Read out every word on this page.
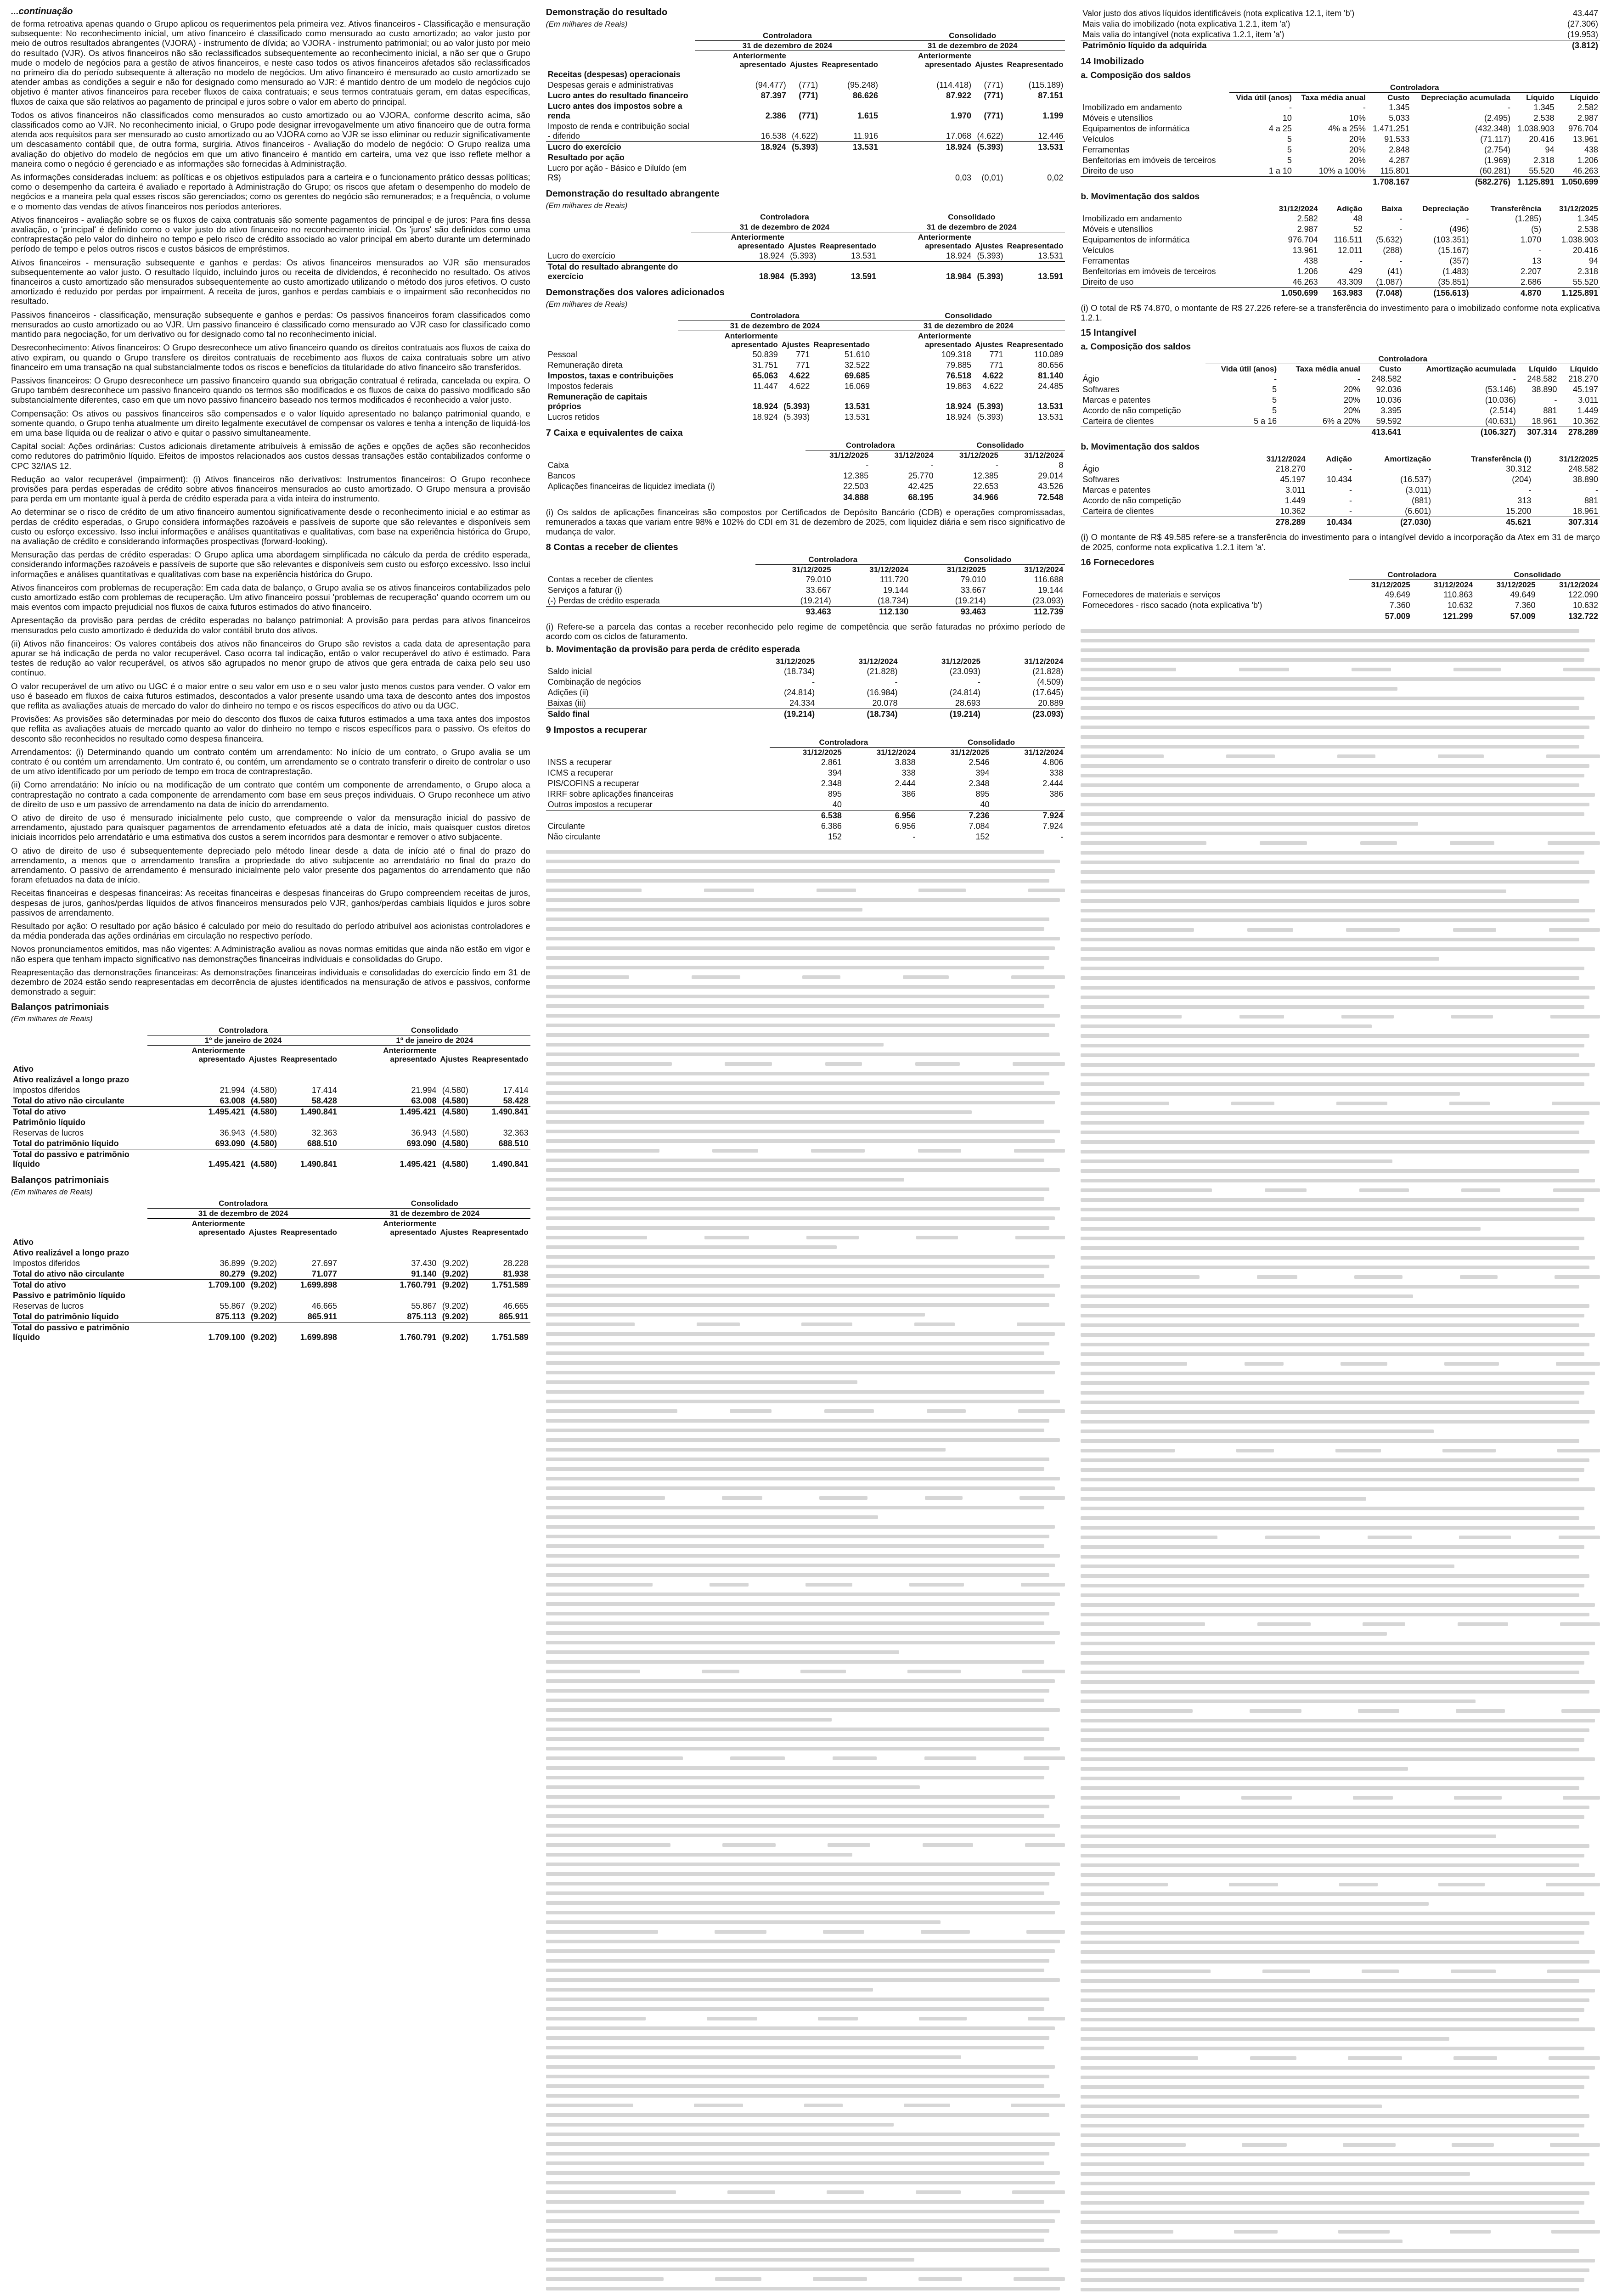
...continuação

de forma retroativa apenas quando o Grupo aplicou os requerimentos pela primeira vez. Ativos financeiros - Classificação e mensuração subsequente: No reconhecimento inicial, um ativo financeiro é classificado como mensurado ao custo amortizado; ao valor justo por meio de outros resultados abrangentes (VJORA) - instrumento de dívida; ao VJORA - instrumento patrimonial; ou ao valor justo por meio do resultado (VJR). Os ativos financeiros não são reclassificados subsequentemente ao reconhecimento inicial, a não ser que o Grupo mude o modelo de negócios para a gestão de ativos financeiros, e neste caso todos os ativos financeiros afetados são reclassificados no primeiro dia do período subsequente à alteração no modelo de negócios. Um ativo financeiro é mensurado ao custo amortizado se atender ambas as condições a seguir e não for designado como mensurado ao VJR: é mantido dentro de um modelo de negócios cujo objetivo é manter ativos financeiros para receber fluxos de caixa contratuais; e seus termos contratuais geram, em datas específicas, fluxos de caixa que são relativos ao pagamento de principal e juros sobre o valor em aberto do principal.

Todos os ativos financeiros não classificados como mensurados ao custo amortizado ou ao VJORA, conforme descrito acima, são classificados como ao VJR. No reconhecimento inicial, o Grupo pode designar irrevogavelmente um ativo financeiro que de outra forma atenda aos requisitos para ser mensurado ao custo amortizado ou ao VJORA como ao VJR se isso eliminar ou reduzir significativamente um descasamento contábil que, de outra forma, surgiria. Ativos financeiros - Avaliação do modelo de negócio: O Grupo realiza uma avaliação do objetivo do modelo de negócios em que um ativo financeiro é mantido em carteira, uma vez que isso reflete melhor a maneira como o negócio é gerenciado e as informações são fornecidas à Administração.

As informações consideradas incluem: as políticas e os objetivos estipulados para a carteira e o funcionamento prático dessas políticas; como o desempenho da carteira é avaliado e reportado à Administração do Grupo; os riscos que afetam o desempenho do modelo de negócios e a maneira pela qual esses riscos são gerenciados; como os gerentes do negócio são remunerados; e a frequência, o volume e o momento das vendas de ativos financeiros nos períodos anteriores.

Ativos financeiros - avaliação sobre se os fluxos de caixa contratuais são somente pagamentos de principal e de juros: Para fins dessa avaliação, o 'principal' é definido como o valor justo do ativo financeiro no reconhecimento inicial. Os 'juros' são definidos como uma contraprestação pelo valor do dinheiro no tempo e pelo risco de crédito associado ao valor principal em aberto durante um determinado período de tempo e pelos outros riscos e custos básicos de empréstimos.

Ativos financeiros - mensuração subsequente e ganhos e perdas: Os ativos financeiros mensurados ao VJR são mensurados subsequentemente ao valor justo. O resultado líquido, incluindo juros ou receita de dividendos, é reconhecido no resultado. Os ativos financeiros a custo amortizado são mensurados subsequentemente ao custo amortizado utilizando o método dos juros efetivos. O custo amortizado é reduzido por perdas por impairment. A receita de juros, ganhos e perdas cambiais e o impairment são reconhecidos no resultado.

Passivos financeiros - classificação, mensuração subsequente e ganhos e perdas: Os passivos financeiros foram classificados como mensurados ao custo amortizado ou ao VJR. Um passivo financeiro é classificado como mensurado ao VJR caso for classificado como mantido para negociação, for um derivativo ou for designado como tal no reconhecimento inicial.

Desreconhecimento: Ativos financeiros: O Grupo desreconhece um ativo financeiro quando os direitos contratuais aos fluxos de caixa do ativo expiram, ou quando o Grupo transfere os direitos contratuais de recebimento aos fluxos de caixa contratuais sobre um ativo financeiro em uma transação na qual substancialmente todos os riscos e benefícios da titularidade do ativo financeiro são transferidos.

Passivos financeiros: O Grupo desreconhece um passivo financeiro quando sua obrigação contratual é retirada, cancelada ou expira. O Grupo também desreconhece um passivo financeiro quando os termos são modificados e os fluxos de caixa do passivo modificado são substancialmente diferentes, caso em que um novo passivo financeiro baseado nos termos modificados é reconhecido a valor justo.

Compensação: Os ativos ou passivos financeiros são compensados e o valor líquido apresentado no balanço patrimonial quando, e somente quando, o Grupo tenha atualmente um direito legalmente executável de compensar os valores e tenha a intenção de liquidá-los em uma base líquida ou de realizar o ativo e quitar o passivo simultaneamente.

Capital social: Ações ordinárias: Custos adicionais diretamente atribuíveis à emissão de ações e opções de ações são reconhecidos como redutores do patrimônio líquido. Efeitos de impostos relacionados aos custos dessas transações estão contabilizados conforme o CPC 32/IAS 12.

Redução ao valor recuperável (impairment): (i) Ativos financeiros não derivativos: Instrumentos financeiros: O Grupo reconhece provisões para perdas esperadas de crédito sobre ativos financeiros mensurados ao custo amortizado. O Grupo mensura a provisão para perda em um montante igual à perda de crédito esperada para a vida inteira do instrumento.

Ao determinar se o risco de crédito de um ativo financeiro aumentou significativamente desde o reconhecimento inicial e ao estimar as perdas de crédito esperadas, o Grupo considera informações razoáveis e passíveis de suporte que são relevantes e disponíveis sem custo ou esforço excessivo. Isso inclui informações e análises quantitativas e qualitativas, com base na experiência histórica do Grupo, na avaliação de crédito e considerando informações prospectivas (forward-looking).

Mensuração das perdas de crédito esperadas: O Grupo aplica uma abordagem simplificada no cálculo da perda de crédito esperada, considerando informações razoáveis e passíveis de suporte que são relevantes e disponíveis sem custo ou esforço excessivo. Isso inclui informações e análises quantitativas e qualitativas com base na experiência histórica do Grupo.

Ativos financeiros com problemas de recuperação: Em cada data de balanço, o Grupo avalia se os ativos financeiros contabilizados pelo custo amortizado estão com problemas de recuperação. Um ativo financeiro possui 'problemas de recuperação' quando ocorrem um ou mais eventos com impacto prejudicial nos fluxos de caixa futuros estimados do ativo financeiro.

Apresentação da provisão para perdas de crédito esperadas no balanço patrimonial: A provisão para perdas para ativos financeiros mensurados pelo custo amortizado é deduzida do valor contábil bruto dos ativos.

(ii) Ativos não financeiros: Os valores contábeis dos ativos não financeiros do Grupo são revistos a cada data de apresentação para apurar se há indicação de perda no valor recuperável. Caso ocorra tal indicação, então o valor recuperável do ativo é estimado. Para testes de redução ao valor recuperável, os ativos são agrupados no menor grupo de ativos que gera entrada de caixa pelo seu uso contínuo.

O valor recuperável de um ativo ou UGC é o maior entre o seu valor em uso e o seu valor justo menos custos para vender. O valor em uso é baseado em fluxos de caixa futuros estimados, descontados a valor presente usando uma taxa de desconto antes dos impostos que reflita as avaliações atuais de mercado do valor do dinheiro no tempo e os riscos específicos do ativo ou da UGC.

Provisões: As provisões são determinadas por meio do desconto dos fluxos de caixa futuros estimados a uma taxa antes dos impostos que reflita as avaliações atuais de mercado quanto ao valor do dinheiro no tempo e riscos específicos para o passivo. Os efeitos do desconto são reconhecidos no resultado como despesa financeira.

Arrendamentos: (i) Determinando quando um contrato contém um arrendamento: No início de um contrato, o Grupo avalia se um contrato é ou contém um arrendamento. Um contrato é, ou contém, um arrendamento se o contrato transferir o direito de controlar o uso de um ativo identificado por um período de tempo em troca de contraprestação.

(ii) Como arrendatário: No início ou na modificação de um contrato que contém um componente de arrendamento, o Grupo aloca a contraprestação no contrato a cada componente de arrendamento com base em seus preços individuais. O Grupo reconhece um ativo de direito de uso e um passivo de arrendamento na data de início do arrendamento.

O ativo de direito de uso é mensurado inicialmente pelo custo, que compreende o valor da mensuração inicial do passivo de arrendamento, ajustado para quaisquer pagamentos de arrendamento efetuados até a data de início, mais quaisquer custos diretos iniciais incorridos pelo arrendatário e uma estimativa dos custos a serem incorridos para desmontar e remover o ativo subjacente.

O ativo de direito de uso é subsequentemente depreciado pelo método linear desde a data de início até o final do prazo do arrendamento, a menos que o arrendamento transfira a propriedade do ativo subjacente ao arrendatário no final do prazo do arrendamento. O passivo de arrendamento é mensurado inicialmente pelo valor presente dos pagamentos do arrendamento que não foram efetuados na data de início.

Receitas financeiras e despesas financeiras: As receitas financeiras e despesas financeiras do Grupo compreendem receitas de juros, despesas de juros, ganhos/perdas líquidos de ativos financeiros mensurados pelo VJR, ganhos/perdas cambiais líquidos e juros sobre passivos de arrendamento.

Resultado por ação: O resultado por ação básico é calculado por meio do resultado do período atribuível aos acionistas controladores e da média ponderada das ações ordinárias em circulação no respectivo período.

Novos pronunciamentos emitidos, mas não vigentes: A Administração avaliou as novas normas emitidas que ainda não estão em vigor e não espera que tenham impacto significativo nas demonstrações financeiras individuais e consolidadas do Grupo.

Reapresentação das demonstrações financeiras: As demonstrações financeiras individuais e consolidadas do exercício findo em 31 de dezembro de 2024 estão sendo reapresentadas em decorrência de ajustes identificados na mensuração de ativos e passivos, conforme demonstrado a seguir:

Balanços patrimoniais
(Em milhares de Reais)
	Controladora			Consolidado		
	1º de janeiro de 2024			1º de janeiro de 2024		
	Anteriormente apresentado	Ajustes	Reapresentado	Anteriormente apresentado	Ajustes	Reapresentado
Ativo						
Ativo realizável a longo prazo						
Impostos diferidos	21.994	(4.580)	17.414	21.994	(4.580)	17.414
Total do ativo não circulante	63.008	(4.580)	58.428	63.008	(4.580)	58.428
Total do ativo	1.495.421	(4.580)	1.490.841	1.495.421	(4.580)	1.490.841
Patrimônio líquido						
Reservas de lucros	36.943	(4.580)	32.363	36.943	(4.580)	32.363
Total do patrimônio líquido	693.090	(4.580)	688.510	693.090	(4.580)	688.510
Total do passivo e patrimônio líquido	1.495.421	(4.580)	1.490.841	1.495.421	(4.580)	1.490.841
Balanços patrimoniais
(Em milhares de Reais)
	Controladora			Consolidado		
	31 de dezembro de 2024			31 de dezembro de 2024		
	Anteriormente apresentado	Ajustes	Reapresentado	Anteriormente apresentado	Ajustes	Reapresentado
Ativo						
Ativo realizável a longo prazo						
Impostos diferidos	36.899	(9.202)	27.697	37.430	(9.202)	28.228
Total do ativo não circulante	80.279	(9.202)	71.077	91.140	(9.202)	81.938
Total do ativo	1.709.100	(9.202)	1.699.898	1.760.791	(9.202)	1.751.589
Passivo e patrimônio líquido						
Reservas de lucros	55.867	(9.202)	46.665	55.867	(9.202)	46.665
Total do patrimônio líquido	875.113	(9.202)	865.911	875.113	(9.202)	865.911
Total do passivo e patrimônio líquido	1.709.100	(9.202)	1.699.898	1.760.791	(9.202)	1.751.589
Demonstração do resultado
(Em milhares de Reais)
	Controladora			Consolidado		
	31 de dezembro de 2024			31 de dezembro de 2024		
	Anteriormente apresentado	Ajustes	Reapresentado	Anteriormente apresentado	Ajustes	Reapresentado
Receitas (despesas) operacionais						
Despesas gerais e administrativas	(94.477)	(771)	(95.248)	(114.418)	(771)	(115.189)
Lucro antes do resultado financeiro	87.397	(771)	86.626	87.922	(771)	87.151
Lucro antes dos impostos sobre a renda	2.386	(771)	1.615	1.970	(771)	1.199
Imposto de renda e contribuição social - diferido	16.538	(4.622)	11.916	17.068	(4.622)	12.446
Lucro do exercício	18.924	(5.393)	13.531	18.924	(5.393)	13.531
Resultado por ação						
Lucro por ação - Básico e Diluído (em R$)				0,03	(0,01)	0,02
Demonstração do resultado abrangente
(Em milhares de Reais)
	Controladora			Consolidado		
	31 de dezembro de 2024			31 de dezembro de 2024		
	Anteriormente apresentado	Ajustes	Reapresentado	Anteriormente apresentado	Ajustes	Reapresentado
Lucro do exercício	18.924	(5.393)	13.531	18.924	(5.393)	13.531
Total do resultado abrangente do exercício	18.984	(5.393)	13.591	18.984	(5.393)	13.591
Demonstrações dos valores adicionados
(Em milhares de Reais)
	Controladora			Consolidado		
	31 de dezembro de 2024			31 de dezembro de 2024		
	Anteriormente apresentado	Ajustes	Reapresentado	Anteriormente apresentado	Ajustes	Reapresentado
Pessoal	50.839	771	51.610	109.318	771	110.089
Remuneração direta	31.751	771	32.522	79.885	771	80.656
Impostos, taxas e contribuições	65.063	4.622	69.685	76.518	4.622	81.140
Impostos federais	11.447	4.622	16.069	19.863	4.622	24.485
Remuneração de capitais próprios	18.924	(5.393)	13.531	18.924	(5.393)	13.531
Lucros retidos	18.924	(5.393)	13.531	18.924	(5.393)	13.531
7 Caixa e equivalentes de caixa
	Controladora		Consolidado	
	31/12/2025	31/12/2024	31/12/2025	31/12/2024
Caixa	-	-	-	8
Bancos	12.385	25.770	12.385	29.014
Aplicações financeiras de liquidez imediata (i)	22.503	42.425	22.653	43.526
	34.888	68.195	34.966	72.548

(i) Os saldos de aplicações financeiras são compostos por Certificados de Depósito Bancário (CDB) e operações compromissadas, remunerados a taxas que variam entre 98% e 102% do CDI em 31 de dezembro de 2025, com liquidez diária e sem risco significativo de mudança de valor.

8 Contas a receber de clientes
	Controladora		Consolidado	
	31/12/2025	31/12/2024	31/12/2025	31/12/2024
Contas a receber de clientes	79.010	111.720	79.010	116.688
Serviços a faturar (i)	33.667	19.144	33.667	19.144
(-) Perdas de crédito esperada	(19.214)	(18.734)	(19.214)	(23.093)
	93.463	112.130	93.463	112.739

(i) Refere-se a parcela das contas a receber reconhecido pelo regime de competência que serão faturadas no próximo período de acordo com os ciclos de faturamento.

b. Movimentação da provisão para perda de crédito esperada
	31/12/2025	31/12/2024	31/12/2025	31/12/2024
Saldo inicial	(18.734)	(21.828)	(23.093)	(21.828)
Combinação de negócios	-	-	-	(4.509)
Adições (ii)	(24.814)	(16.984)	(24.814)	(17.645)
Baixas (iii)	24.334	20.078	28.693	20.889
Saldo final	(19.214)	(18.734)	(19.214)	(23.093)
9 Impostos a recuperar
	Controladora		Consolidado	
	31/12/2025	31/12/2024	31/12/2025	31/12/2024
INSS a recuperar	2.861	3.838	2.546	4.806
ICMS a recuperar	394	338	394	338
PIS/COFINS a recuperar	2.348	2.444	2.348	2.444
IRRF sobre aplicações financeiras	895	386	895	386
Outros impostos a recuperar	40		40	
	6.538	6.956	7.236	7.924
Circulante	6.386	6.956	7.084	7.924
Não circulante	152	-	152	-
Valor justo dos ativos líquidos identificáveis (nota explicativa 12.1, item 'b')	43.447
Mais valia do imobilizado (nota explicativa 1.2.1, item 'a')	(27.306)
Mais valia do intangível (nota explicativa 1.2.1, item 'a')	(19.953)
Patrimônio líquido da adquirida	(3.812)
14 Imobilizado
a. Composição dos saldos
	Controladora					
	Vida útil (anos)	Taxa média anual	Custo	Depreciação acumulada	Líquido	Líquido
Imobilizado em andamento	-	-	1.345	-	1.345	2.582
Móveis e utensílios	10	10%	5.033	(2.495)	2.538	2.987
Equipamentos de informática	4 a 25	4% a 25%	1.471.251	(432.348)	1.038.903	976.704
Veículos	5	20%	91.533	(71.117)	20.416	13.961
Ferramentas	5	20%	2.848	(2.754)	94	438
Benfeitorias em imóveis de terceiros	5	20%	4.287	(1.969)	2.318	1.206
Direito de uso	1 a 10	10% a 100%	115.801	(60.281)	55.520	46.263
			1.708.167	(582.276)	1.125.891	1.050.699
b. Movimentação dos saldos
	31/12/2024	Adição	Baixa	Depreciação	Transferência	31/12/2025
Imobilizado em andamento	2.582	48	-	-	(1.285)	1.345
Móveis e utensílios	2.987	52	-	(496)	(5)	2.538
Equipamentos de informática	976.704	116.511	(5.632)	(103.351)	1.070	1.038.903
Veículos	13.961	12.011	(288)	(15.167)	-	20.416
Ferramentas	438	-	-	(357)	13	94
Benfeitorias em imóveis de terceiros	1.206	429	(41)	(1.483)	2.207	2.318
Direito de uso	46.263	43.309	(1.087)	(35.851)	2.686	55.520
	1.050.699	163.983	(7.048)	(156.613)	4.870	1.125.891

(i) O total de R$ 74.870, o montante de R$ 27.226 refere-se a transferência do investimento para o imobilizado conforme nota explicativa 1.2.1.

15 Intangível
a. Composição dos saldos
	Controladora					
	Vida útil (anos)	Taxa média anual	Custo	Amortização acumulada	Líquido	Líquido
Ágio	-	-	248.582	-	248.582	218.270
Softwares	5	20%	92.036	(53.146)	38.890	45.197
Marcas e patentes	5	20%	10.036	(10.036)	-	3.011
Acordo de não competição	5	20%	3.395	(2.514)	881	1.449
Carteira de clientes	5 a 16	6% a 20%	59.592	(40.631)	18.961	10.362
			413.641	(106.327)	307.314	278.289
b. Movimentação dos saldos
	31/12/2024	Adição	Amortização	Transferência (i)	31/12/2025
Ágio	218.270	-	-	30.312	248.582
Softwares	45.197	10.434	(16.537)	(204)	38.890
Marcas e patentes	3.011	-	(3.011)	-	-
Acordo de não competição	1.449	-	(881)	313	881
Carteira de clientes	10.362	-	(6.601)	15.200	18.961
	278.289	10.434	(27.030)	45.621	307.314

(i) O montante de R$ 49.585 refere-se a transferência do investimento para o intangível devido a incorporação da Atex em 31 de março de 2025, conforme nota explicativa 1.2.1 item 'a'.

16 Fornecedores
	Controladora		Consolidado	
	31/12/2025	31/12/2024	31/12/2025	31/12/2024
Fornecedores de materiais e serviços	49.649	110.863	49.649	122.090
Fornecedores - risco sacado (nota explicativa 'b')	7.360	10.632	7.360	10.632
	57.009	121.299	57.009	132.722
